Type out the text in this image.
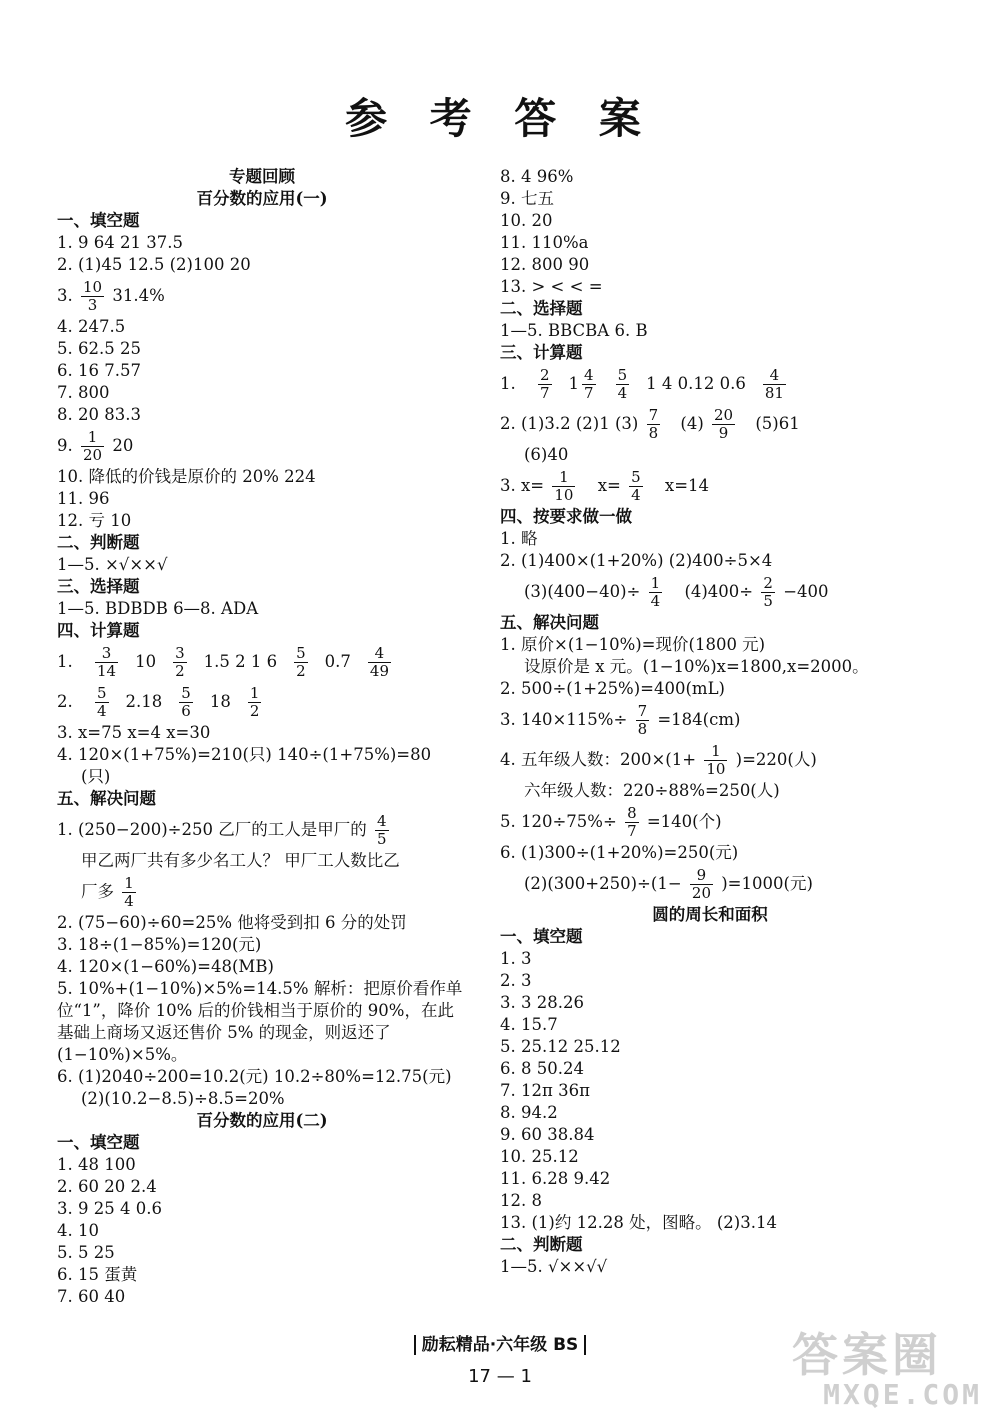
参 考 答 案
专题回顾
百分数的应用(一)
一、填空题
1. 9 64 21 37.5
2. (1)45 12.5 (2)100 20
3. $\frac{10}{3} 31.4\%$
4. 247.5
5. 62.5 25
6. 16 7.57
7. 800
8. 20 83.3
9. $\frac{1}{20} 20$
10. 降低的价钱是原价的 20% 224
11. 96
12. 亏 10
二、判断题
1—5. ×√××√
三、选择题
1—5. BDBDB 6—8. ADA
四、计算题
1. $\frac{3}{14} 10 \frac{3}{2} 1.5$ 2 1 $6 \frac{5}{2} 0.7 \frac{4}{49}$
2. $\frac{5}{4} 2.18 \frac{5}{6} 18 \frac{1}{2}$
3. x=75 x=4 x=30
4. 120×(1+75%)=210(只) 140÷(1+75%)=80
(只)
五、解决问题
1. (250−200)÷250 乙厂的工人是甲厂的 $\frac{4}{5}$
甲乙两厂共有多少名工人？ 甲厂工人数比乙
厂多 $\frac{1}{4}$
2. (75−60)÷60=25% 他将受到扣 6 分的处罚
3. 18÷(1−85%)=120(元)
4. 120×(1−60%)=48(MB)
5. 10%+(1−10%)×5%=14.5% 解析：把原价看作单位“1”，降价 10% 后的价钱相当于原价的 90%，在此基础上商场又返还售价 5% 的现金，则返还了(1−10%)×5%。
6. (1)2040÷200=10.2(元) 10.2÷80%=12.75(元)
(2)(10.2−8.5)÷8.5=20%
百分数的应用(二)
一、填空题
1. 48 100
2. 60 20 2.4
3. 9 25 4 0.6
4. 10
5. 5 25
6. 15 蛋黄
7. 60 40
8. 4 96%
9. 七五
10. 20
11. 110%a
12. 800 90
13. > < < =
二、选择题
1—5. BBCBA 6. B
三、计算题
1. $\frac{2}{7} 1 \frac{4}{7} \frac{5}{4} 1$ 4 0.12 $0.6 \frac{4}{81}$
2. (1)3.2 (2)1 $(3) \frac{7}{8} (4) \frac{20}{9} (5)61$
(6)40
3. $x= \frac{1}{10} x= \frac{5}{4} x=14$
四、按要求做一做
1. 略
2. (1)400×(1+20%) (2)400÷5×4
$(3)(400-40)\div \frac{1}{4} (4)400\div \frac{2}{5} -400$
五、解决问题
1. 原价×(1−10%)=现价(1800 元)
设原价是 x 元。(1−10%)x=1800,x=2000。
2. 500÷(1+25%)=400(mL)
3. $140\times 115\%\div \frac{7}{8} =184(cm)$
4. 五年级人数：$200\times(1+ \frac{1}{10} )=220$(人)
六年级人数：220÷88%=250(人)
5. $120\div 75\%\div \frac{8}{7} =140$(个)
6. (1)300÷(1+20%)=250(元)
$(2)(300+250)\div(1- \frac{9}{20} )=1000$(元)
圆的周长和面积
一、填空题
1. 3
2. 3
3. 3 28.26
4. 15.7
5. 25.12 25.12
6. 8 50.24
7. 12π 36π
8. 94.2
9. 60 38.84
10. 25.12
11. 6.28 9.42
12. 8
13. (1)约 12.28 处，图略。 (2)3.14
二、判断题
1—5. √××√√
励耘精品·六年级 BS
17 — 1	答案圈
MXQE.COM
